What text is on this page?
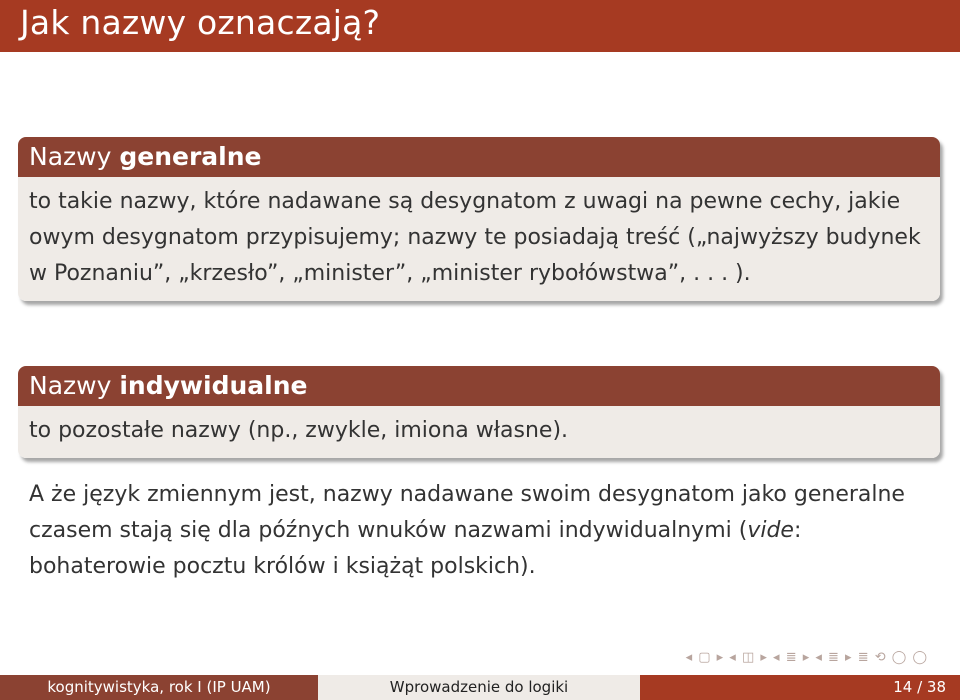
Jak nazwy oznaczają?
Nazwy generalne
to takie nazwy, które nadawane są desygnatom z uwagi na pewne cechy, jakie owym desygnatom przypisujemy; nazwy te posiadają treść („najwyższy budynek w Poznaniu”, „krzesło”, „minister”, „minister rybołówstwa”, . . . ).
Nazwy indywidualne
to pozostałe nazwy (np., zwykle, imiona własne).
A że język zmiennym jest, nazwy nadawane swoim desygnatom jako generalne czasem stają się dla późnych wnuków nazwami indywidualnymi (vide: bohaterowie pocztu królów i książąt polskich).
◂ ▢ ▸ ◂ ◫ ▸ ◂ ≣ ▸ ◂ ≣ ▸ ≣ ⟲ ◯ ◯
kognitywistyka, rok I (IP UAM)	Wprowadzenie do logiki	14 / 38
